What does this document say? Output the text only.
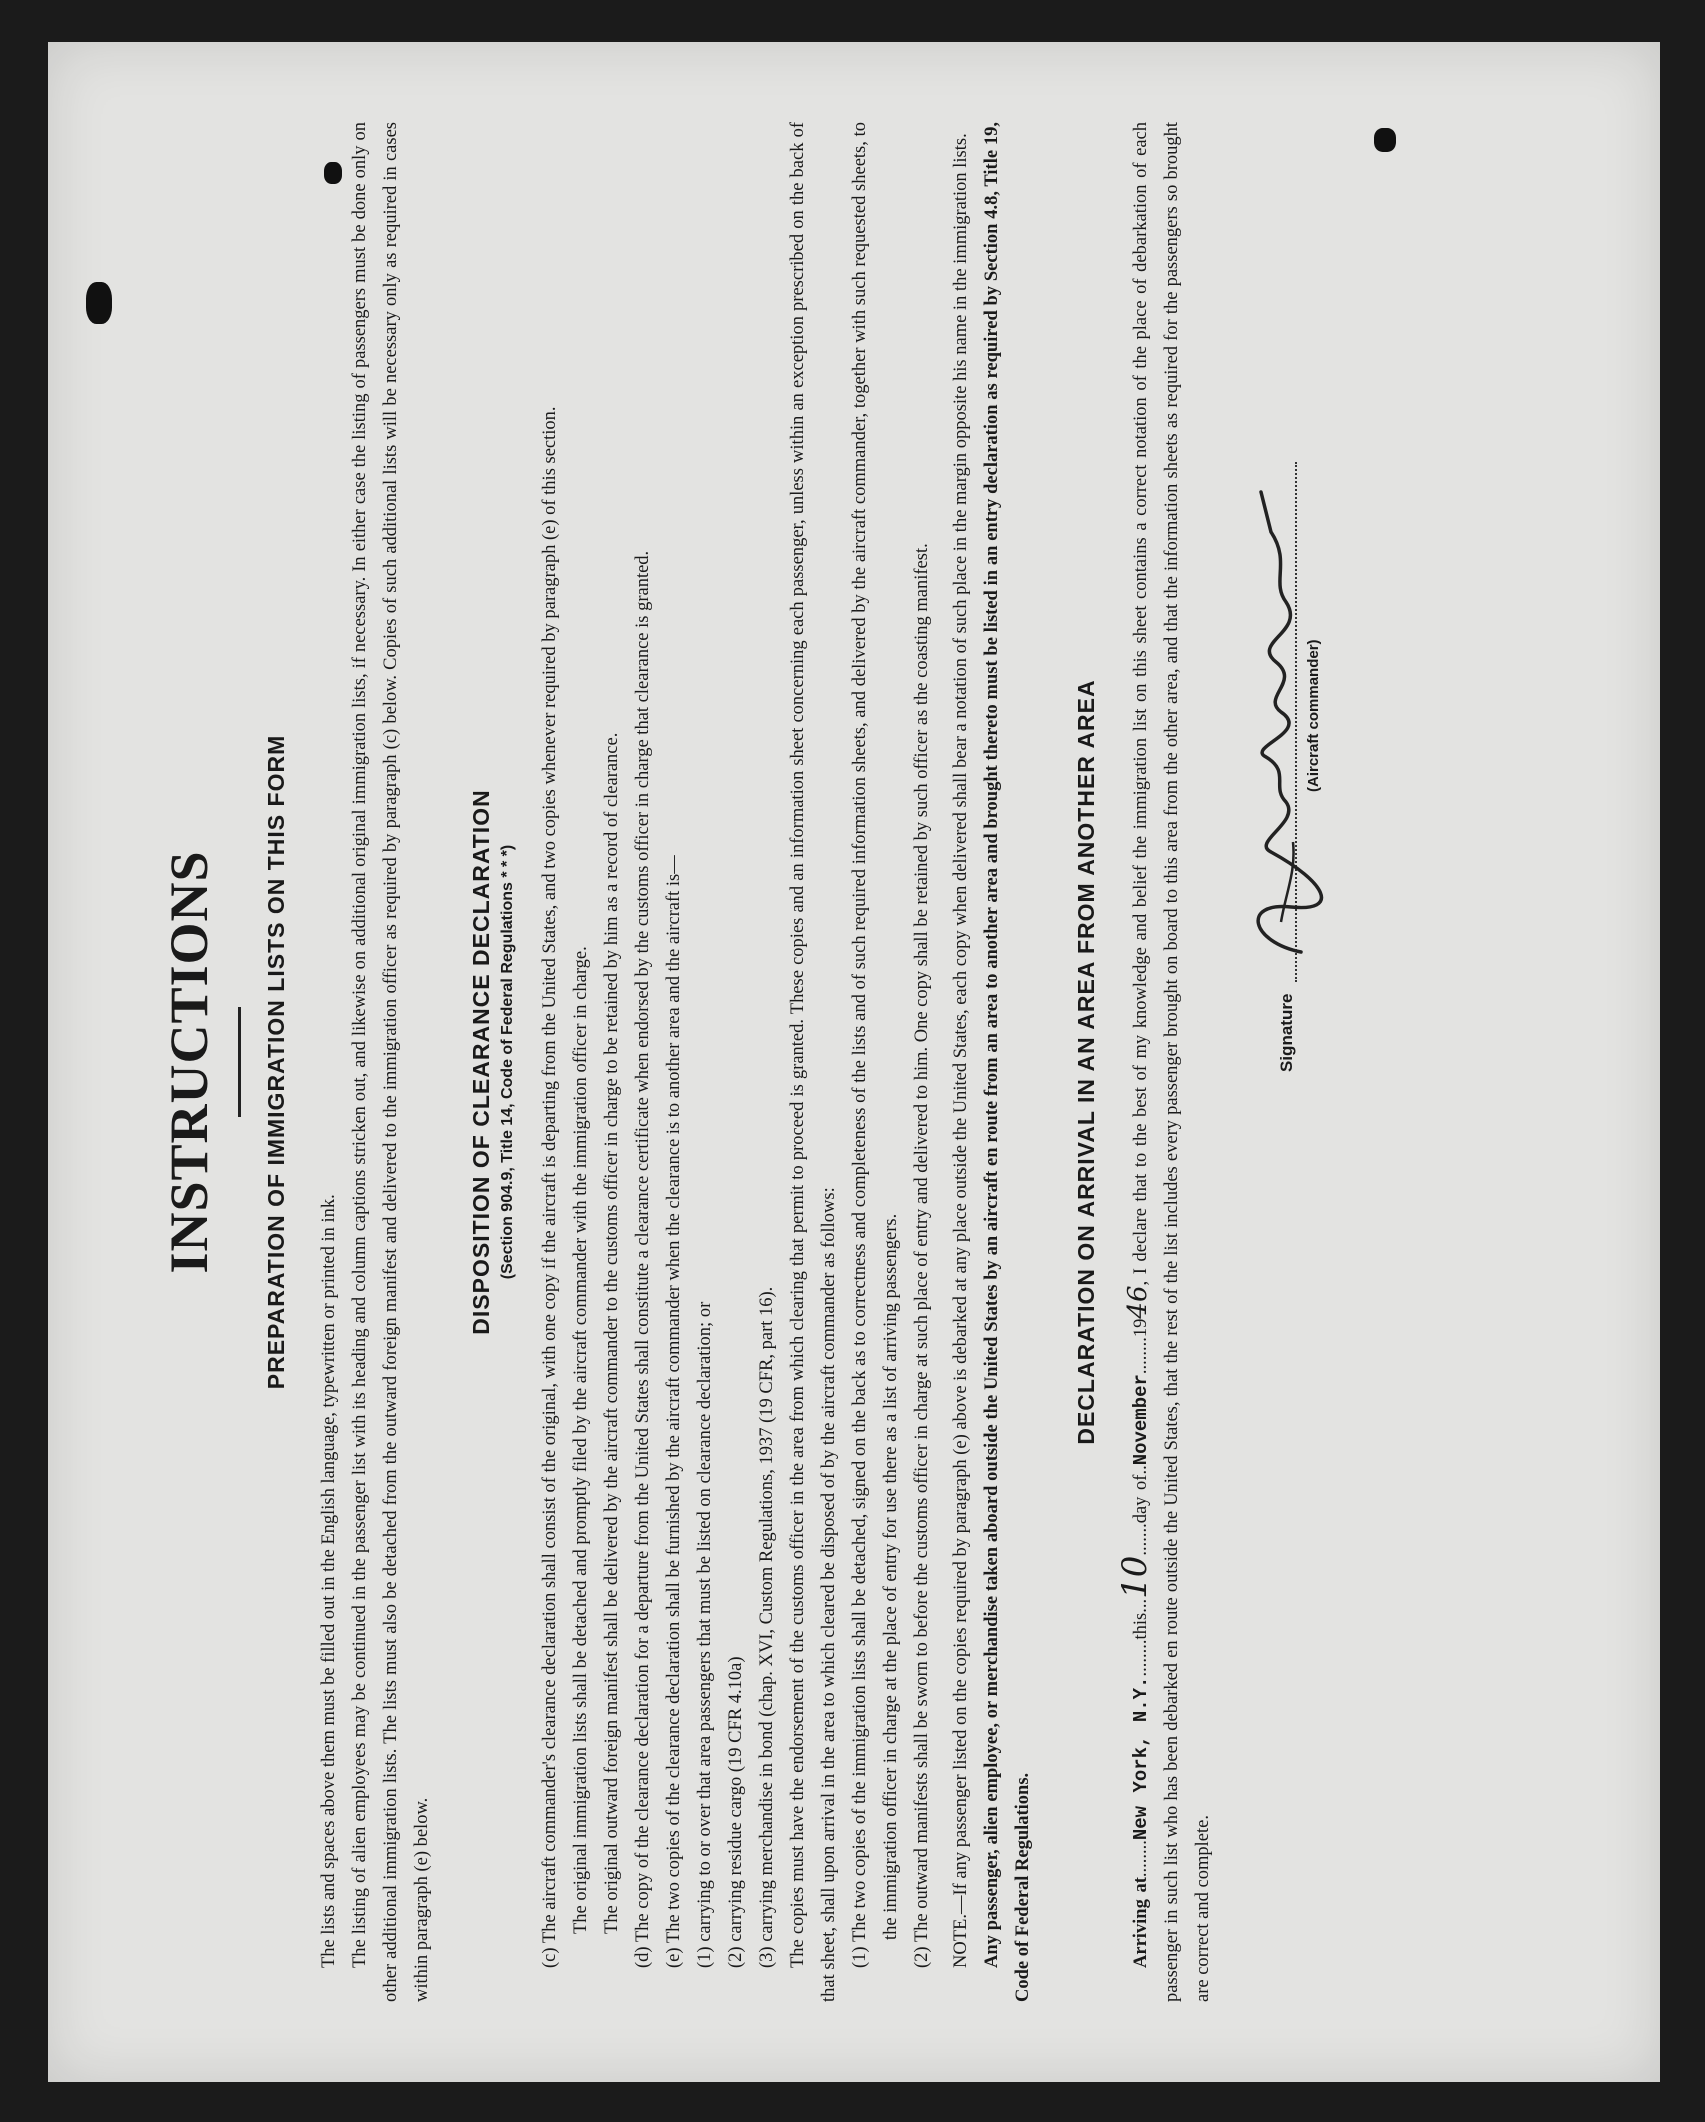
INSTRUCTIONS PREPARATION OF IMMIGRATION LISTS ON THIS FORM

The lists and spaces above them must be filled out in the English language, typewritten or printed in ink. The listing of alien employees may be continued in the passenger list with its heading and column captions stricken out, and likewise on additional original immigration lists, if necessary. In either case the listing of passengers must be done only on other additional immigration lists. The lists must also be detached from the outward foreign manifest and delivered to the immigration officer as required by paragraph (c) below. Copies of such additional lists will be necessary only as required in cases within paragraph (e) below.

DISPOSITION OF CLEARANCE DECLARATION (Section 904.9, Title 14, Code of Federal Regulations * * *) (c) The aircraft commander's clearance declaration shall consist of the original, with one copy if the aircraft is departing from the United States, and two copies whenever required by paragraph (e) of this section. The original immigration lists shall be detached and promptly filed by the aircraft commander with the immigration officer in charge. The original outward foreign manifest shall be delivered by the aircraft commander to the customs officer in charge to be retained by him as a record of clearance. (d) The copy of the clearance declaration for a departure from the United States shall constitute a clearance certificate when endorsed by the customs officer in charge that clearance is granted. (e) The two copies of the clearance declaration shall be furnished by the aircraft commander when the clearance is to another area and the aircraft is— (1) carrying to or over that area passengers that must be listed on clearance declaration; or (2) carrying residue cargo (19 CFR 4.10a) (3) carrying merchandise in bond (chap. XVI, Custom Regulations, 1937 (19 CFR, part 16). The copies must have the endorsement of the customs officer in the area from which clearing that permit to proceed is granted. These copies and an information sheet concerning each passenger, unless within an exception prescribed on the back of that sheet, shall upon arrival in the area to which cleared be disposed of by the aircraft commander as follows: (1) The two copies of the immigration lists shall be detached, signed on the back as to correctness and completeness of the lists and of such required information sheets, and delivered by the aircraft commander, together with such requested sheets, to the immigration officer in charge at the place of entry for use there as a list of arriving passengers. (2) The outward manifests shall be sworn to before the customs officer in charge at such place of entry and delivered to him. One copy shall be retained by such officer as the coasting manifest.	NOTE.—If any passenger listed on the copies required by paragraph (e) above is debarked at any place outside the United States, each copy when delivered shall bear a notation of such place in the margin opposite his name in the immigration lists. Any passenger, alien employee, or merchandise taken aboard outside the United States by an aircraft en route from an area to another area and brought thereto must be listed in an entry declaration as required by Section 4.8, Title 19, Code of Federal Regulations.

DECLARATION ON ARRIVAL IN AN AREA FROM ANOTHER AREA

Arriving at........New York, N.Y.........this...10.......day of..November........1946, I declare that to the best of my knowledge and belief the immigration list on this sheet contains a correct notation of the place of debarkation of each passenger in such list who has been debarked en route outside the United States, that the rest of the list includes every passenger brought on board to this area from the other area, and that the information sheets as required for the passengers so brought are correct and complete.

Signature
(Aircraft commander)
